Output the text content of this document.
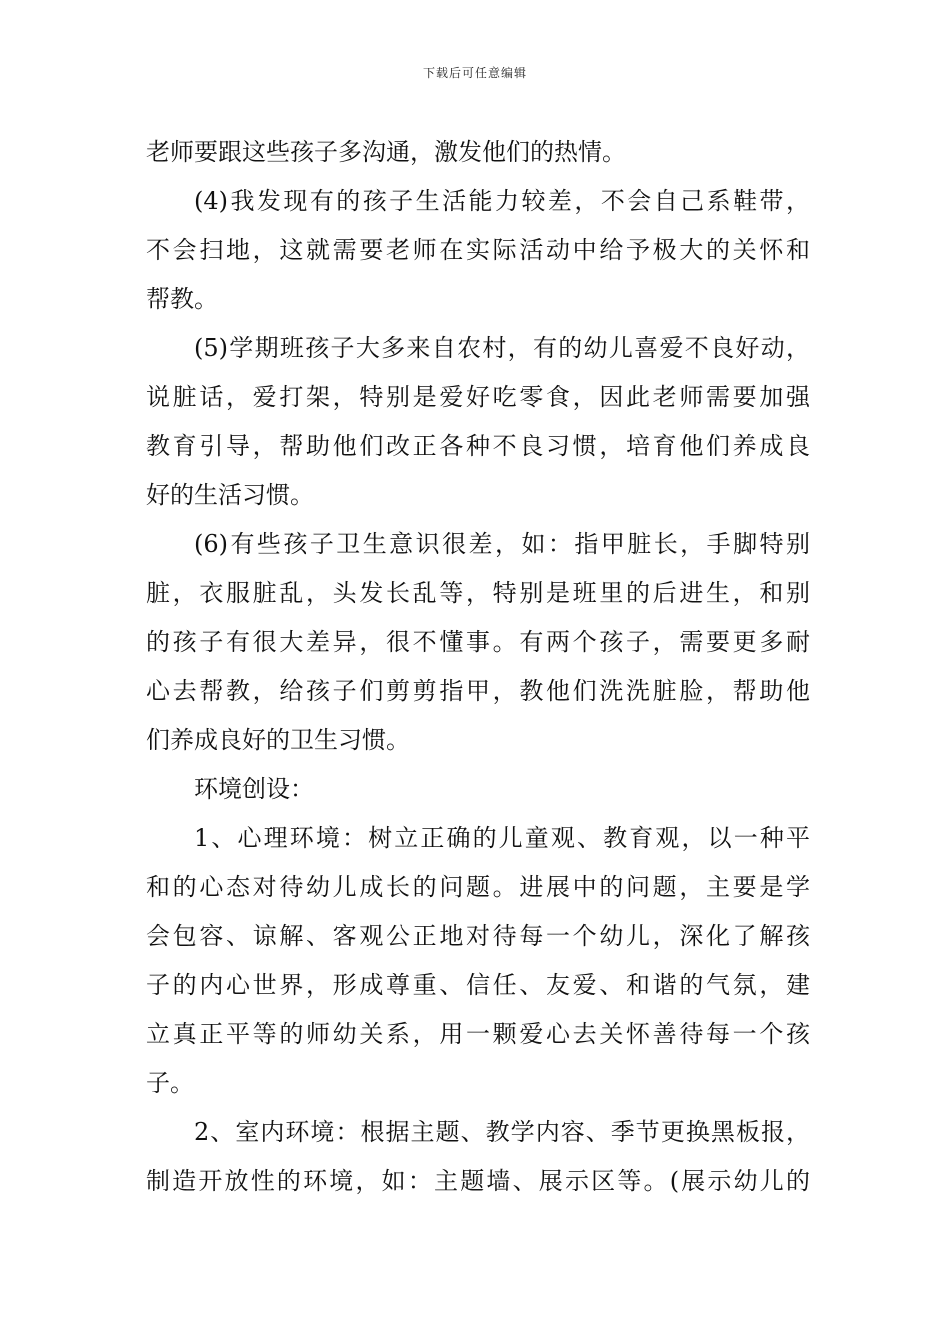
下载后可任意编辑
老师要跟这些孩子多沟通，激发他们的热情。
(4)我发现有的孩子生活能力较差，不会自己系鞋带，
不会扫地，这就需要老师在实际活动中给予极大的关怀和
帮教。
(5)学期班孩子大多来自农村，有的幼儿喜爱不良好动，
说脏话，爱打架，特别是爱好吃零食，因此老师需要加强
教育引导，帮助他们改正各种不良习惯，培育他们养成良
好的生活习惯。
(6)有些孩子卫生意识很差，如：指甲脏长，手脚特别
脏，衣服脏乱，头发长乱等，特别是班里的后进生，和别
的孩子有很大差异，很不懂事。有两个孩子，需要更多耐
心去帮教，给孩子们剪剪指甲，教他们洗洗脏脸，帮助他
们养成良好的卫生习惯。
环境创设：
1、心理环境：树立正确的儿童观、教育观，以一种平
和的心态对待幼儿成长的问题。进展中的问题，主要是学
会包容、谅解、客观公正地对待每一个幼儿，深化了解孩
子的内心世界，形成尊重、信任、友爱、和谐的气氛，建
立真正平等的师幼关系，用一颗爱心去关怀善待每一个孩
子。
2、室内环境：根据主题、教学内容、季节更换黑板报，
制造开放性的环境，如：主题墙、展示区等。(展示幼儿的
